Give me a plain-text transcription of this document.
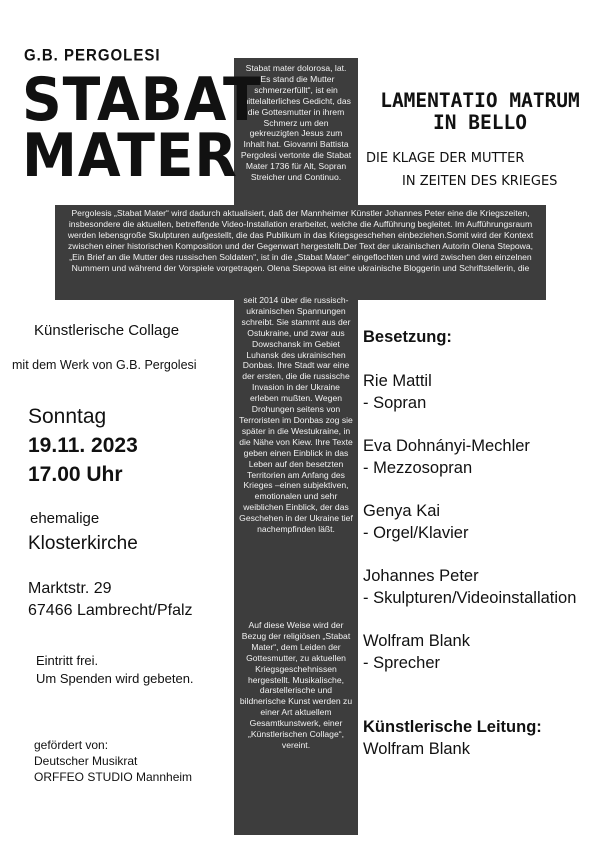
Stabat mater dolorosa, lat. „Es stand die Mutter schmerzerfüllt“, ist ein mittelalterliches Gedicht, das die Gottesmutter in ihrem Schmerz um den gekreuzigten Jesus zum Inhalt hat. Giovanni Battista Pergolesi vertonte die Stabat Mater 1736 für Alt, Sopran Streicher und Continuo.
Pergolesis „Stabat Mater“ wird dadurch aktualisiert, daß der Mannheimer Künstler Johannes Peter eine die Kriegszeiten, insbesondere die aktuellen, betreffende Video-Installation erarbeitet, welche die Aufführung begleitet. Im Aufführungsraum werden lebensgroße Skulpturen aufgestellt, die das Publikum in das Kriegsgeschehen einbeziehen.Somit wird der Kontext zwischen einer historischen Komposition und der Gegenwart hergestellt.Der Text der ukrainischen Autorin Olena Stepowa, „Ein Brief an die Mutter des russischen Soldaten“, ist in die „Stabat Mater“ eingeflochten und wird zwischen den einzelnen Nummern und während der Vorspiele vorgetragen. Olena Stepowa ist eine ukrainische Bloggerin und Schriftstellerin, die
seit 2014 über die russisch-ukrainischen Spannungen schreibt. Sie stammt aus der Ostukraine, und zwar aus Dowschansk im Gebiet Luhansk des ukrainischen Donbas. Ihre Stadt war eine der ersten, die die russische Invasion in der Ukraine erleben mußten. Wegen Drohungen seitens von Terroristen im Donbas zog sie später in die Westukraine, in die Nähe von Kiew. Ihre Texte geben einen Einblick in das Leben auf den besetzten Territorien am Anfang des Krieges –einen subjektiven, emotionalen und sehr weiblichen Einblick, der das Geschehen in der Ukraine tief nachempfinden läßt.
Auf diese Weise wird der Bezug der religiösen „Stabat Mater“, dem Leiden der Gottesmutter, zu aktuellen Kriegsgeschehnissen hergestellt. Musikalische, darstellerische und bildnerische Kunst werden zu einer Art aktuellem Gesamtkunstwerk, einer „Künstlerischen Collage“, vereint.
G.B. PERGOLESI
STABAT
MATER
LAMENTATIO MATRUM
IN BELLO
DIE KLAGE DER MUTTER
IN ZEITEN DES KRIEGES
Künstlerische Collage
mit dem Werk von G.B. Pergolesi
Sonntag
19.11. 2023
17.00 Uhr
ehemalige
Klosterkirche
Marktstr. 29
67466 Lambrecht/Pfalz
Eintritt frei.
Um Spenden wird gebeten.
gefördert von:
Deutscher Musikrat
ORFFEO STUDIO Mannheim
Besetzung:
Rie Mattil
- Sopran
Eva Dohnányi-Mechler
- Mezzosopran
Genya Kai
- Orgel/Klavier
Johannes Peter
- Skulpturen/Videoinstallation
Wolfram Blank
- Sprecher
Künstlerische Leitung:
Wolfram Blank
